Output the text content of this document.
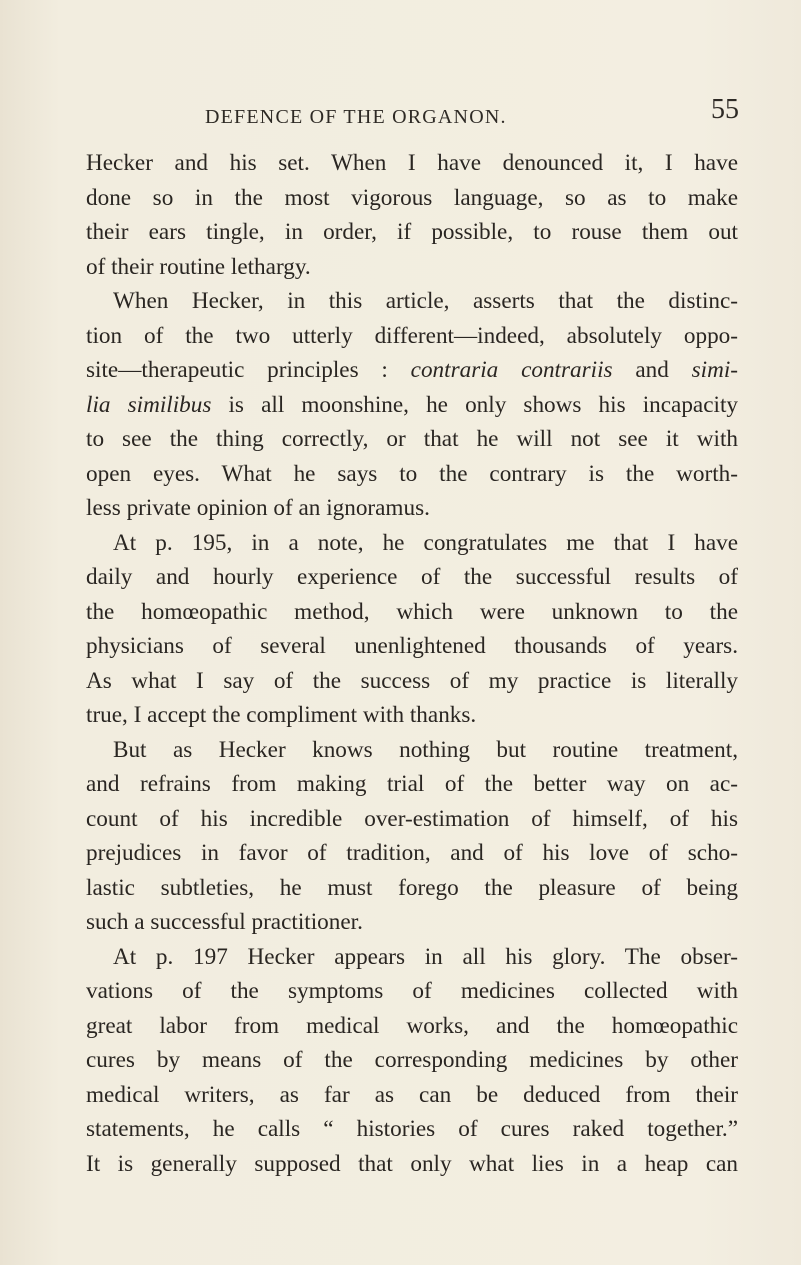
DEFENCE OF THE ORGANON.	55
Hecker and his set. When I have denounced it, I have
done so in the most vigorous language, so as to make
their ears tingle, in order, if possible, to rouse them out
of their routine lethargy.
When Hecker, in this article, asserts that the distinc-
tion of the two utterly different—indeed, absolutely oppo-
site—therapeutic principles : contraria contrariis and simi-
lia similibus is all moonshine, he only shows his incapacity
to see the thing correctly, or that he will not see it with
open eyes. What he says to the contrary is the worth-
less private opinion of an ignoramus.
At p. 195, in a note, he congratulates me that I have
daily and hourly experience of the successful results of
the homœopathic method, which were unknown to the
physicians of several unenlightened thousands of years.
As what I say of the success of my practice is literally
true, I accept the compliment with thanks.
But as Hecker knows nothing but routine treatment,
and refrains from making trial of the better way on ac-
count of his incredible over-estimation of himself, of his
prejudices in favor of tradition, and of his love of scho-
lastic subtleties, he must forego the pleasure of being
such a successful practitioner.
At p. 197 Hecker appears in all his glory. The obser-
vations of the symptoms of medicines collected with
great labor from medical works, and the homœopathic
cures by means of the corresponding medicines by other
medical writers, as far as can be deduced from their
statements, he calls “ histories of cures raked together.”
It is generally supposed that only what lies in a heap can
